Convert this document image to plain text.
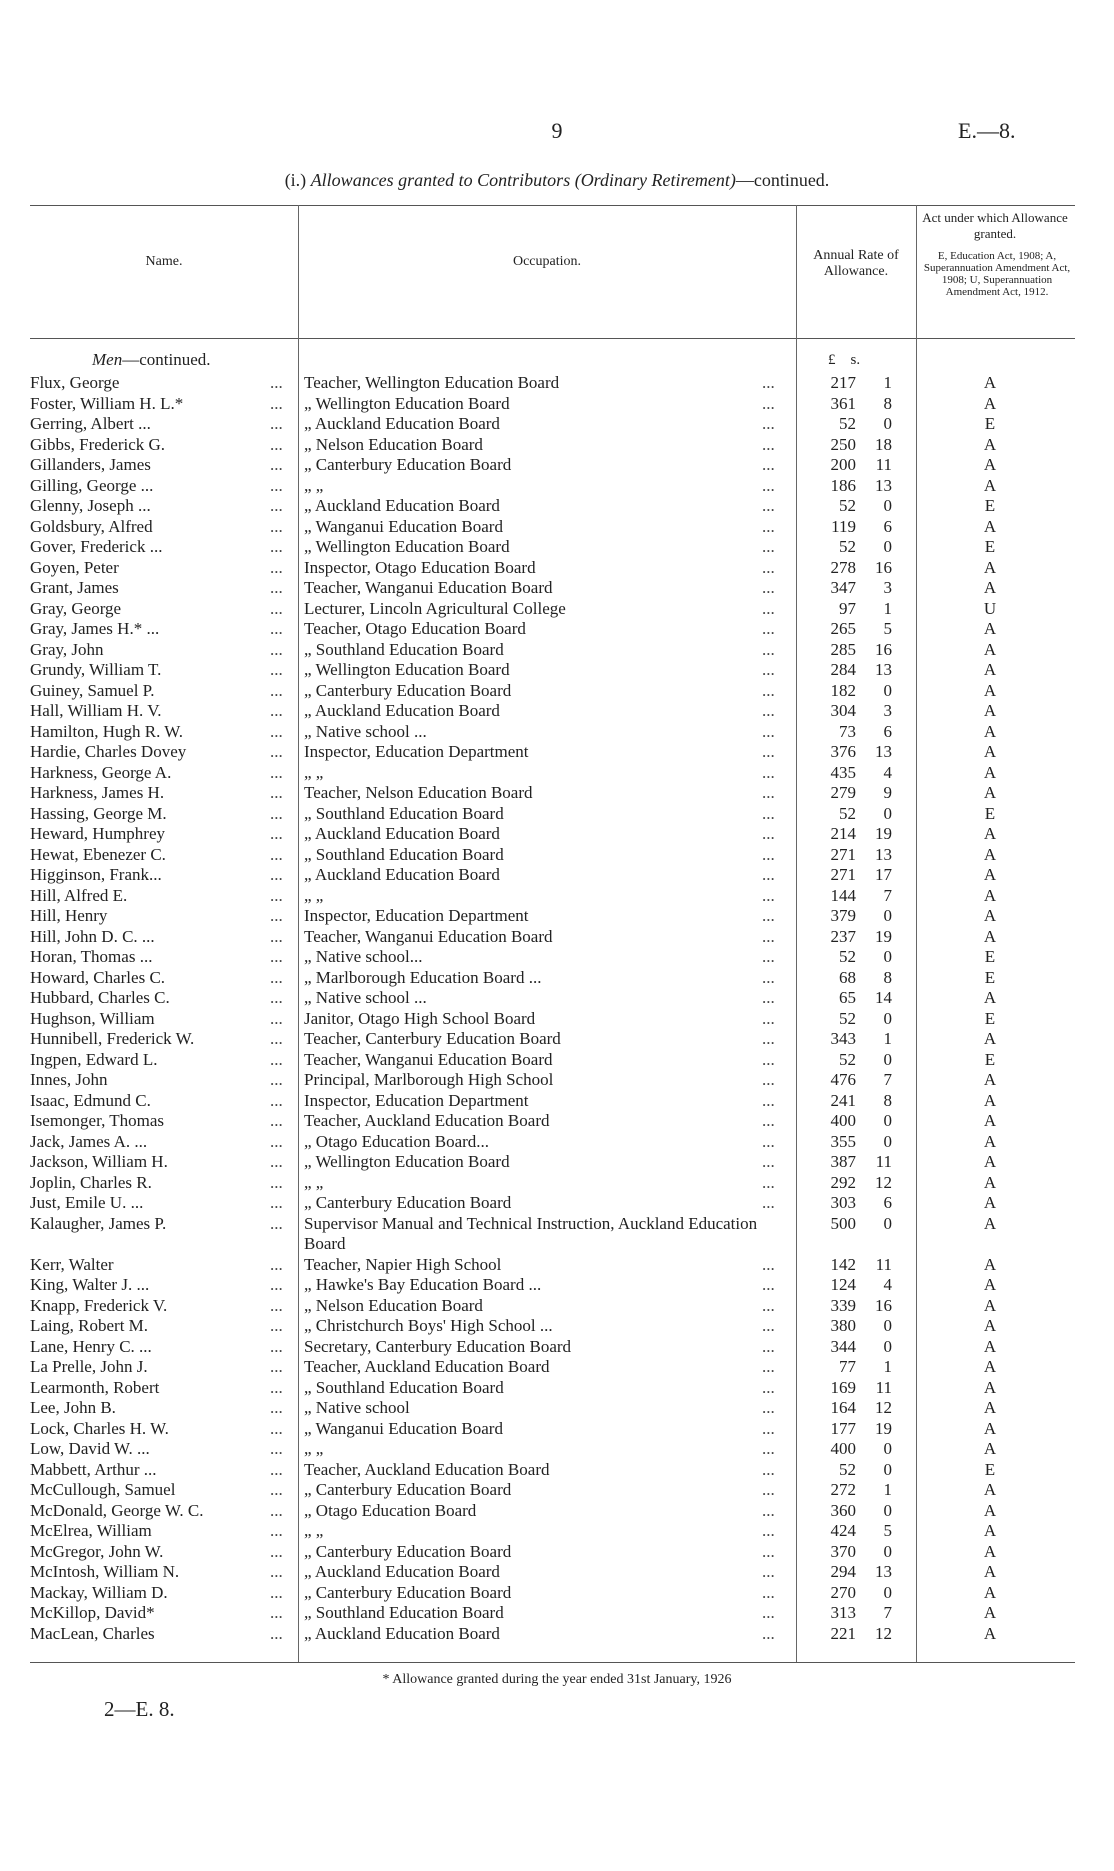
9	E.—8.
(i.) Allowances granted to Contributors (Ordinary Retirement)—continued.
Name.	Occupation.	Annual Rate of Allowance.
Act under which Allowance granted.
E, Education Act, 1908; A, Superannuation Amendment Act, 1908; U, Superannuation Amendment Act, 1912.
Men—continued.	£ s.
Flux, George	... Teacher, Wellington Education Board	...	217	1	A
Foster, William H. L.*	... „ Wellington Education Board	...	361	8	A
Gerring, Albert ...	... „ Auckland Education Board	...	52	0	E
Gibbs, Frederick G.	... „ Nelson Education Board	...	250	18	A
Gillanders, James	... „ Canterbury Education Board	...	200	11	A
Gilling, George ...	... „ „	...	186	13	A
Glenny, Joseph ...	... „ Auckland Education Board	...	52	0	E
Goldsbury, Alfred	... „ Wanganui Education Board	...	119	6	A
Gover, Frederick ...	... „ Wellington Education Board	...	52	0	E
Goyen, Peter	... Inspector, Otago Education Board	...	278	16	A
Grant, James	... Teacher, Wanganui Education Board	...	347	3	A
Gray, George	... Lecturer, Lincoln Agricultural College	...	97	1	U
Gray, James H.* ...	... Teacher, Otago Education Board	...	265	5	A
Gray, John	... „ Southland Education Board	...	285	16	A
Grundy, William T.	... „ Wellington Education Board	...	284	13	A
Guiney, Samuel P.	... „ Canterbury Education Board	...	182	0	A
Hall, William H. V.	... „ Auckland Education Board	...	304	3	A
Hamilton, Hugh R. W.	... „ Native school ...	...	73	6	A
Hardie, Charles Dovey	... Inspector, Education Department	...	376	13	A
Harkness, George A.	... „ „	...	435	4	A
Harkness, James H.	... Teacher, Nelson Education Board	...	279	9	A
Hassing, George M.	... „ Southland Education Board	...	52	0	E
Heward, Humphrey	... „ Auckland Education Board	...	214	19	A
Hewat, Ebenezer C.	... „ Southland Education Board	...	271	13	A
Higginson, Frank...	... „ Auckland Education Board	...	271	17	A
Hill, Alfred E.	... „ „	...	144	7	A
Hill, Henry	... Inspector, Education Department	...	379	0	A
Hill, John D. C. ...	... Teacher, Wanganui Education Board	...	237	19	A
Horan, Thomas ...	... „ Native school...	...	52	0	E
Howard, Charles C.	... „ Marlborough Education Board ...	...	68	8	E
Hubbard, Charles C.	... „ Native school ...	...	65	14	A
Hughson, William	... Janitor, Otago High School Board	...	52	0	E
Hunnibell, Frederick W.	... Teacher, Canterbury Education Board	...	343	1	A
Ingpen, Edward L.	... Teacher, Wanganui Education Board	...	52	0	E
Innes, John	... Principal, Marlborough High School	...	476	7	A
Isaac, Edmund C.	... Inspector, Education Department	...	241	8	A
Isemonger, Thomas	... Teacher, Auckland Education Board	...	400	0	A
Jack, James A. ...	... „ Otago Education Board...	...	355	0	A
Jackson, William H.	... „ Wellington Education Board	...	387	11	A
Joplin, Charles R.	... „ „	...	292	12	A
Just, Emile U. ...	... „ Canterbury Education Board	...	303	6	A
Kalaugher, James P.	... Supervisor Manual and Technical Instruction, Auckland Education Board
500	0	A
Kerr, Walter	... Teacher, Napier High School	...	142	11	A
King, Walter J. ...	... „ Hawke's Bay Education Board ...	...	124	4	A
Knapp, Frederick V.	... „ Nelson Education Board	...	339	16	A
Laing, Robert M.	... „ Christchurch Boys' High School ...	...	380	0	A
Lane, Henry C. ...	... Secretary, Canterbury Education Board	...	344	0	A
La Prelle, John J.	... Teacher, Auckland Education Board	...	77	1	A
Learmonth, Robert	... „ Southland Education Board	...	169	11	A
Lee, John B.	... „ Native school	...	164	12	A
Lock, Charles H. W.	... „ Wanganui Education Board	...	177	19	A
Low, David W. ...	... „ „	...	400	0	A
Mabbett, Arthur ...	... Teacher, Auckland Education Board	...	52	0	E
McCullough, Samuel	... „ Canterbury Education Board	...	272	1	A
McDonald, George W. C.	... „ Otago Education Board	...	360	0	A
McElrea, William	... „ „	...	424	5	A
McGregor, John W.	... „ Canterbury Education Board	...	370	0	A
McIntosh, William N.	... „ Auckland Education Board	...	294	13	A
Mackay, William D.	... „ Canterbury Education Board	...	270	0	A
McKillop, David*	... „ Southland Education Board	...	313	7	A
MacLean, Charles	... „ Auckland Education Board	...	221	12	A
* Allowance granted during the year ended 31st January, 1926
2—E. 8.
